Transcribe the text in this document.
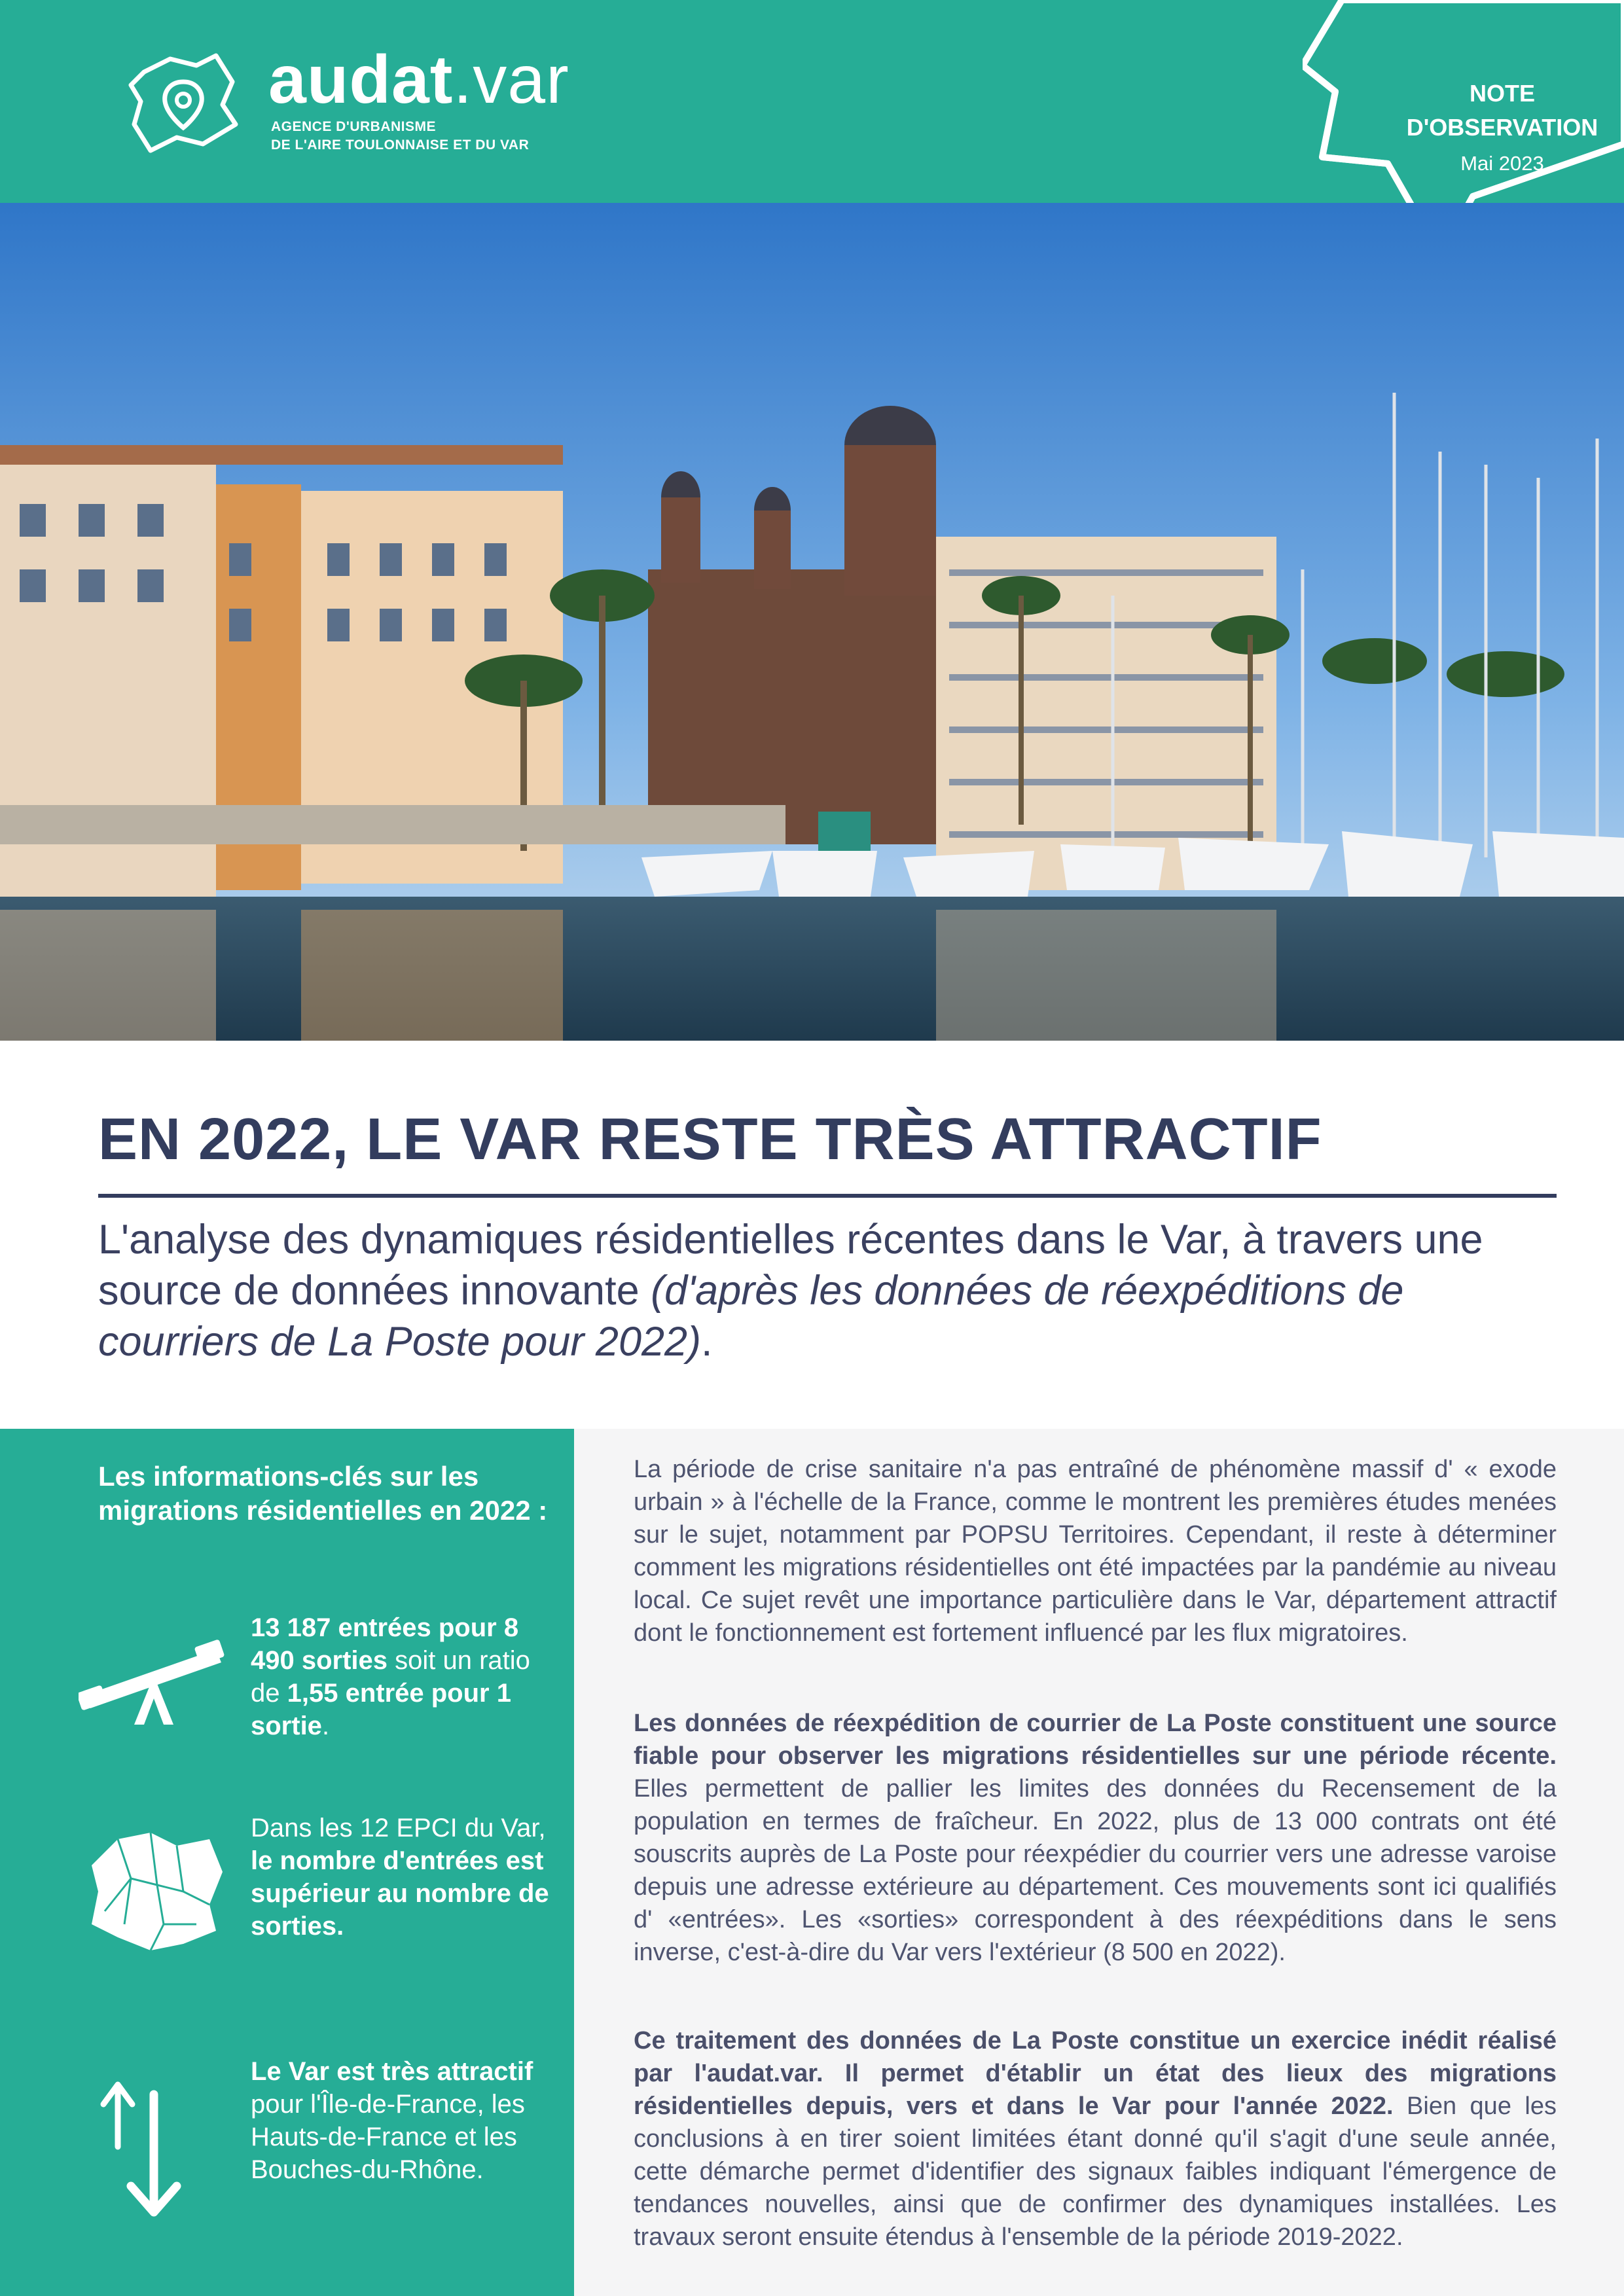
audat.var
AGENCE D'URBANISME
DE L'AIRE TOULONNAISE ET DU VAR
NOTE
D'OBSERVATION
Mai 2023
EN 2022, LE VAR RESTE TRÈS ATTRACTIF
L'analyse des dynamiques résidentielles récentes dans le Var, à travers une source de données innovante (d'après les données de réexpéditions de courriers de La Poste pour 2022).
Les informations-clés sur les migrations résidentielles en 2022 :
13 187 entrées pour 8 490 sorties soit un ratio de 1,55 entrée pour 1 sortie.
Dans les 12 EPCI du Var, le nombre d'entrées est supérieur au nombre de sorties.
Le Var est très attractif pour l'Île-de-France, les Hauts-de-France et les Bouches-du-Rhône.
La période de crise sanitaire n'a pas entraîné de phénomène massif d' « exode urbain » à l'échelle de la France, comme le montrent les premières études menées sur le sujet, notamment par POPSU Territoires. Cependant, il reste à déterminer comment les migrations résidentielles ont été impactées par la pandémie au niveau local. Ce sujet revêt une importance particulière dans le Var, département attractif dont le fonctionnement est fortement influencé par les flux migratoires.
Les données de réexpédition de courrier de La Poste constituent une source fiable pour observer les migrations résidentielles sur une période récente. Elles permettent de pallier les limites des données du Recensement de la population en termes de fraîcheur. En 2022, plus de 13 000 contrats ont été souscrits auprès de La Poste pour réexpédier du courrier vers une adresse varoise depuis une adresse extérieure au département. Ces mouvements sont ici qualifiés d' «entrées». Les «sorties» correspondent à des réexpéditions dans le sens inverse, c'est-à-dire du Var vers l'extérieur (8 500 en 2022).
Ce traitement des données de La Poste constitue un exercice inédit réalisé par l'audat.var. Il permet d'établir un état des lieux des migrations résidentielles depuis, vers et dans le Var pour l'année 2022. Bien que les conclusions à en tirer soient limitées étant donné qu'il s'agit d'une seule année, cette démarche permet d'identifier des signaux faibles indiquant l'émergence de tendances nouvelles, ainsi que de confirmer des dynamiques installées. Les travaux seront ensuite étendus à l'ensemble de la période 2019-2022.
